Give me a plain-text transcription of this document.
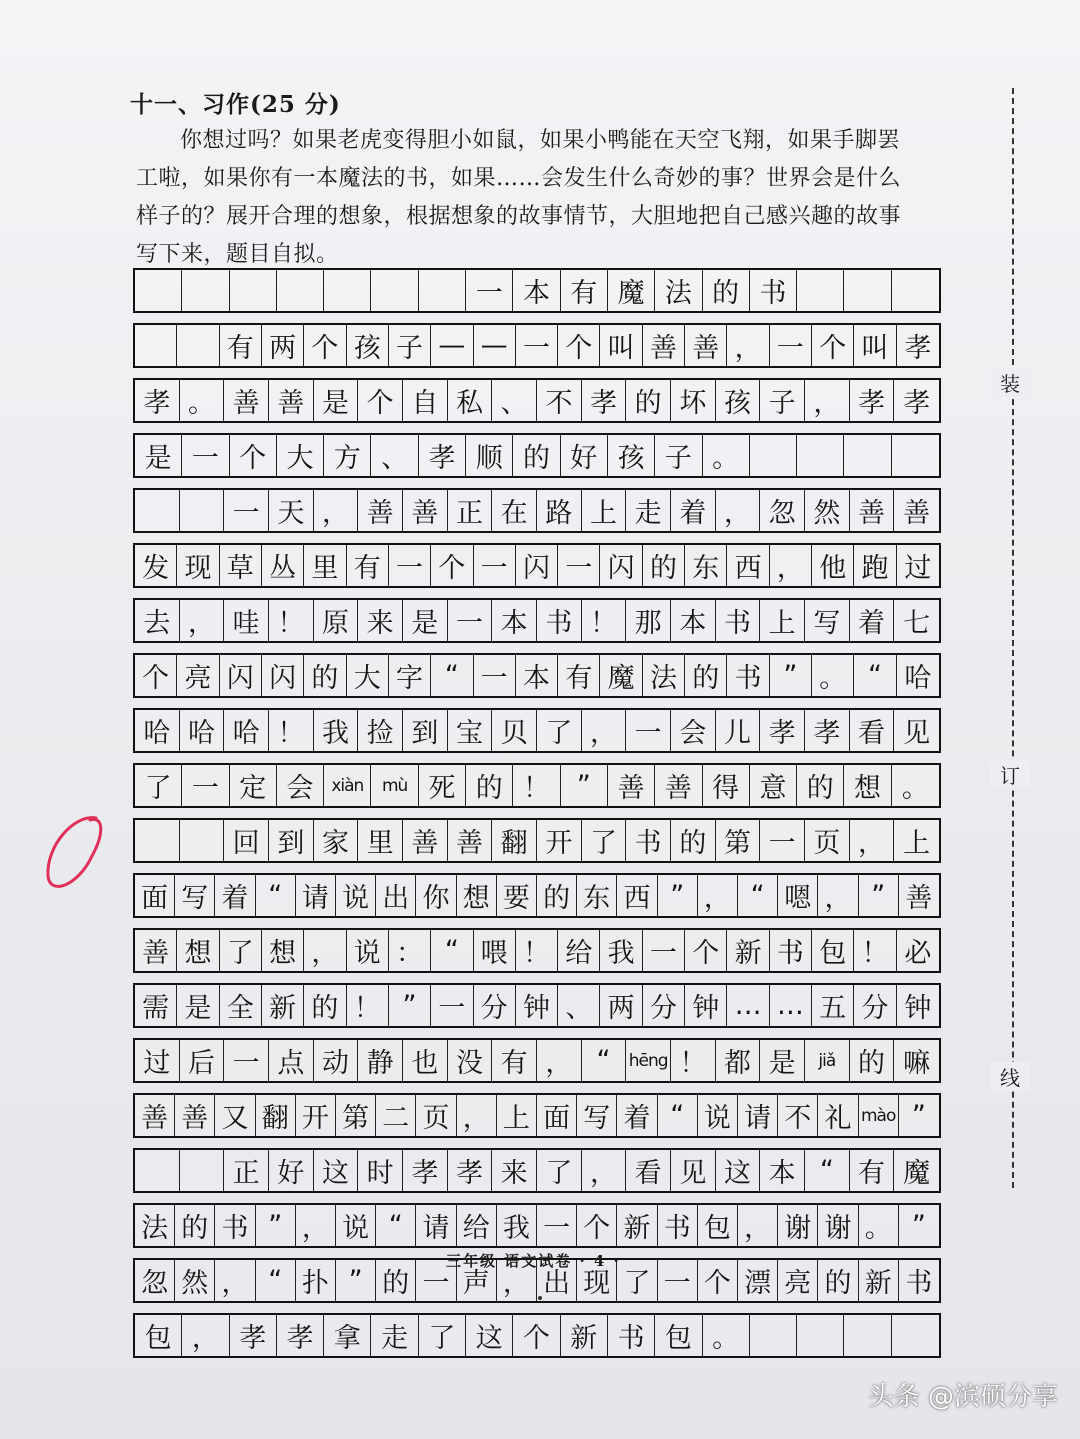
十一、习作(25 分)

你想过吗？如果老虎变得胆小如鼠，如果小鸭能在天空飞翔，如果手脚罢

工啦，如果你有一本魔法的书，如果……会发生什么奇妙的事？世界会是什么

样子的？展开合理的想象，根据想象的故事情节，大胆地把自己感兴趣的故事

写下来，题目自拟。

一 本 有 魔 法 的 书
有 两 个 孩 子 — — 一 个 叫 善 善 ， 一 个 叫 孝
孝 。 善 善 是 个 自 私 、 不 孝 的 坏 孩 子 ， 孝 孝
是 一 个 大 方 、 孝 顺 的 好 孩 子 。
一 天 ， 善 善 正 在 路 上 走 着 ， 忽 然 善 善
发 现 草 丛 里 有 一 个 一 闪 一 闪 的 东 西 ， 他 跑 过
去 ， 哇 ！ 原 来 是 一 本 书 ！ 那 本 书 上 写 着 七
个 亮 闪 闪 的 大 字 “ 一 本 有 魔 法 的 书 ” 。 “ 哈
哈 哈 哈 ！ 我 捡 到 宝 贝 了 ， 一 会 儿 孝 孝 看 见
了 一 定 会	xiàn	mù 死 的 ！ ” 善 善 得 意 的 想 。
回 到 家 里 善 善 翻 开 了 书 的 第 一 页 ， 上
面 写 着 “ 请 说 出 你 想 要 的 东 西 ” ， “ 嗯 ， ” 善
善 想 了 想 ， 说 ： “ 喂 ！ 给 我 一 个 新 书 包 ！ 必
需 是 全 新 的 ！ ” 一 分 钟 、 两 分 钟 … … 五 分 钟
过 后 一 点 动 静 也 没 有 ， “	hēng ！ 都 是	jiǎ 的 嘛
善 善 又 翻 开 第 二 页 ， 上 面 写 着 “ 说 请 不 礼 mào ”
正 好 这 时 孝 孝 来 了 ， 看 见 这 本 “ 有 魔
法 的 书 ” ， 说 “ 请 给 我 一 个 新 书 包 ， 谢 谢 。 ”
忽 然 ， “ 扑 ” 的 一 声 ， 出 现 了 一 个 漂 亮 的 新 书
包 ， 孝 孝 拿 走 了 这 个 新 书 包 。
装
订
线
三年级 语文试卷 · 4 ·
头条 @滨硕分享
